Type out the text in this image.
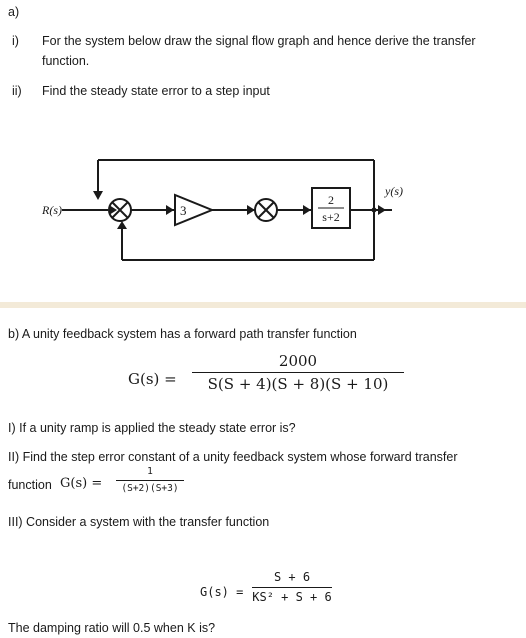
a)
i) For the system below draw the signal flow graph and hence derive the transfer
function.
ii) Find the steady state error to a step input
R(s)
y(s)
3
2
s+2
b) A unity feedback system has a forward path transfer function
G(s) =
2000
S(S + 4)(S + 8)(S + 10)
I) If a unity ramp is applied the steady state error is?
II) Find the step error constant of a unity feedback system whose forward transfer
function G(s) =
1
(S+2)(S+3)
III) Consider a system with the transfer function
G(s) =
S + 6
KS² + S + 6
The damping ratio will 0.5 when K is?
